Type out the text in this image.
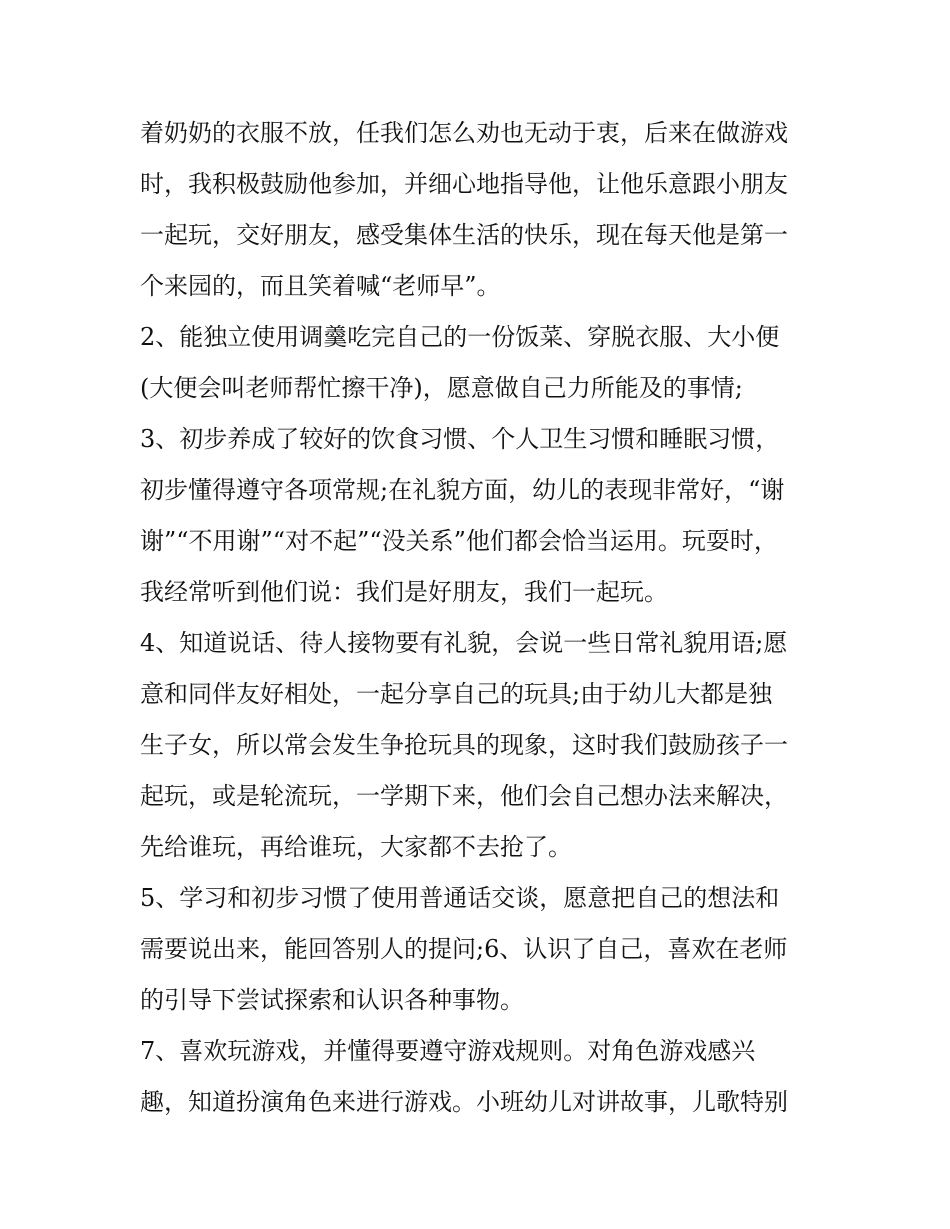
着奶奶的衣服不放，任我们怎么劝也无动于衷，后来在做游戏
时，我积极鼓励他参加，并细心地指导他，让他乐意跟小朋友
一起玩，交好朋友，感受集体生活的快乐，现在每天他是第一
个来园的，而且笑着喊“老师早”。
2、能独立使用调羹吃完自己的一份饭菜、穿脱衣服、大小便
(大便会叫老师帮忙擦干净)，愿意做自己力所能及的事情;
3、初步养成了较好的饮食习惯、个人卫生习惯和睡眠习惯，
初步懂得遵守各项常规;在礼貌方面，幼儿的表现非常好，“谢
谢”“不用谢”“对不起”“没关系”他们都会恰当运用。玩耍时，
我经常听到他们说：我们是好朋友，我们一起玩。
4、知道说话、待人接物要有礼貌，会说一些日常礼貌用语;愿
意和同伴友好相处，一起分享自己的玩具;由于幼儿大都是独
生子女，所以常会发生争抢玩具的现象，这时我们鼓励孩子一
起玩，或是轮流玩，一学期下来，他们会自己想办法来解决，
先给谁玩，再给谁玩，大家都不去抢了。
5、学习和初步习惯了使用普通话交谈，愿意把自己的想法和
需要说出来，能回答别人的提问;6、认识了自己，喜欢在老师
的引导下尝试探索和认识各种事物。
7、喜欢玩游戏，并懂得要遵守游戏规则。对角色游戏感兴
趣，知道扮演角色来进行游戏。小班幼儿对讲故事，儿歌特别
